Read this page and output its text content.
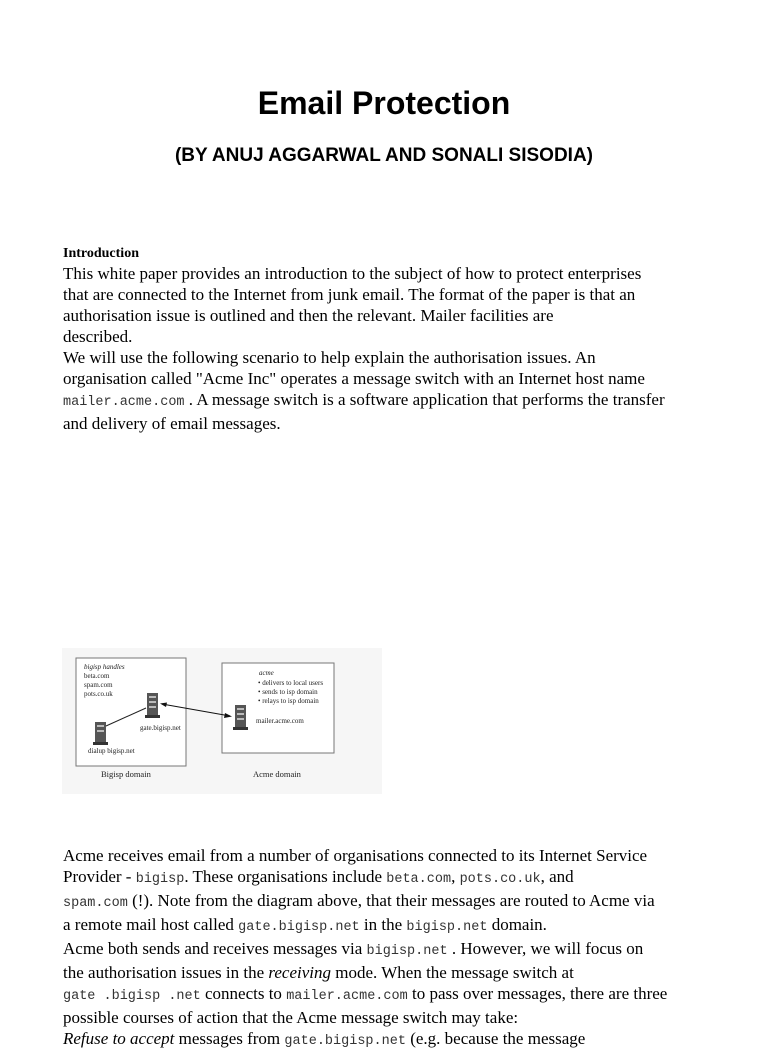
Email Protection
(BY ANUJ AGGARWAL AND SONALI SISODIA)
Introduction

This white paper provides an introduction to the subject of how to protect enterprises
that are connected to the Internet from junk email. The format of the paper is that an
authorisation issue is outlined and then the relevant. Mailer facilities are
described.
We will use the following scenario to help explain the authorisation issues. An
organisation called "Acme Inc" operates a message switch with an Internet host name
mailer.acme.com . A message switch is a software application that performs the transfer
and delivery of email messages.

bigisp handles
beta.com
spam.com
pots.co.uk
gate.bigisp.net
dialup bigisp.net
Bigisp domain
acme
• delivers to local users
• sends to isp domain
• relays to isp domain
mailer.acme.com
Acme domain
Acme receives email from a number of organisations connected to its Internet Service
Provider - bigisp. These organisations include beta.com, pots.co.uk, and
spam.com (!). Note from the diagram above, that their messages are routed to Acme via
a remote mail host called gate.bigisp.net in the bigisp.net domain.
Acme both sends and receives messages via bigisp.net . However, we will focus on
the authorisation issues in the receiving mode. When the message switch at
gate .bigisp .net connects to mailer.acme.com to pass over messages, there are three
possible courses of action that the Acme message switch may take:
Refuse to accept messages from gate.bigisp.net (e.g. because the message
